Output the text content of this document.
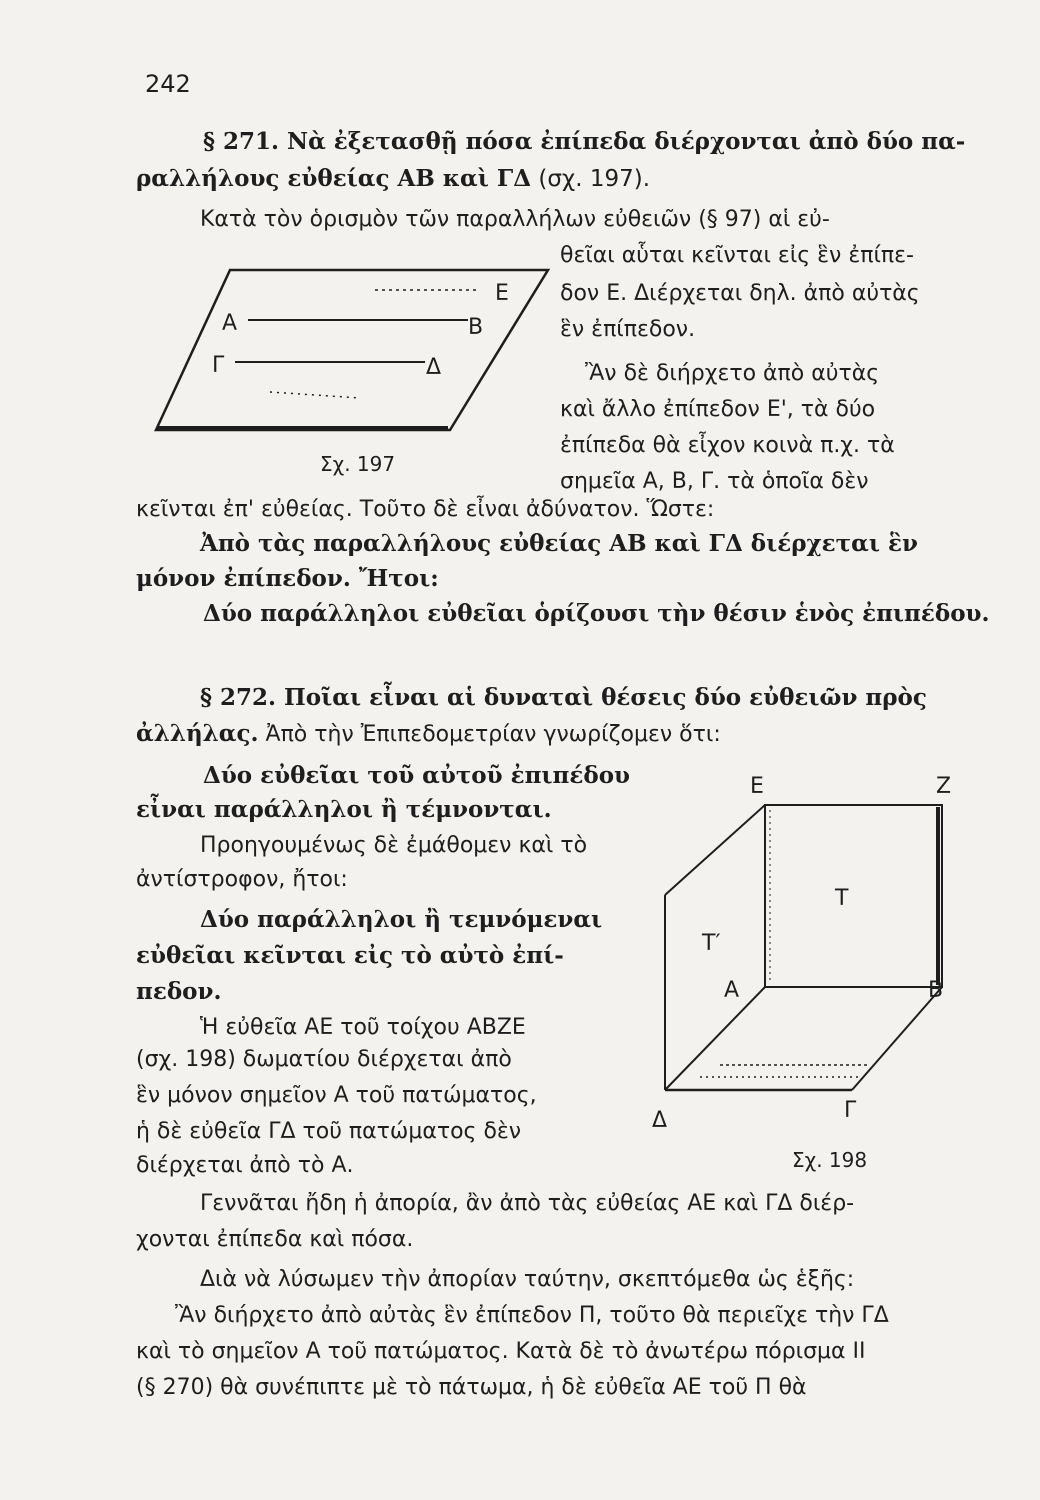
242
§ 271. Νὰ ἐξετασθῇ πόσα ἐπίπεδα διέρχονται ἀπὸ δύο πα-
ραλλήλους εὐθείας ΑΒ καὶ ΓΔ (σχ. 197).
Κατὰ τὸν ὁρισμὸν τῶν παραλλήλων εὐθειῶν (§ 97) αἱ εὐ-
θεῖαι αὗται κεῖνται εἰς ἓν ἐπίπε-
δον Ε. Διέρχεται δηλ. ἀπὸ αὐτὰς
ἓν ἐπίπεδον.
Ἂν δὲ διήρχετο ἀπὸ αὐτὰς
καὶ ἄλλο ἐπίπεδον Ε', τὰ δύο
ἐπίπεδα θὰ εἶχον κοινὰ π.χ. τὰ
σημεῖα Α, Β, Γ. τὰ ὁποῖα δὲν
κεῖνται ἐπ' εὐθείας. Τοῦτο δὲ εἶναι ἀδύνατον. Ὥστε:
Ἀπὸ τὰς παραλλήλους εὐθείας ΑΒ καὶ ΓΔ διέρχεται ἓν
μόνον ἐπίπεδον. Ἤτοι:
Δύο παράλληλοι εὐθεῖαι ὁρίζουσι τὴν θέσιν ἑνὸς ἐπιπέδου.
Ε
Α	Β
Γ	Δ
Σχ. 197
§ 272. Ποῖαι εἶναι αἱ δυναταὶ θέσεις δύο εὐθειῶν πρὸς
ἀλλήλας. Ἀπὸ τὴν Ἐπιπεδομετρίαν γνωρίζομεν ὅτι:
Δύο εὐθεῖαι τοῦ αὐτοῦ ἐπιπέδου
εἶναι παράλληλοι ἢ τέμνονται.
Προηγουμένως δὲ ἐμάθομεν καὶ τὸ
ἀντίστροφον, ἤτοι:
Δύο παράλληλοι ἢ τεμνόμεναι
εὐθεῖαι κεῖνται εἰς τὸ αὐτὸ ἐπί-
πεδον.
Ἡ εὐθεῖα ΑΕ τοῦ τοίχου ΑΒΖΕ
(σχ. 198) δωματίου διέρχεται ἀπὸ
ἓν μόνον σημεῖον Α τοῦ πατώματος,
ἡ δὲ εὐθεῖα ΓΔ τοῦ πατώματος δὲν
διέρχεται ἀπὸ τὸ Α.
Ε	Ζ
Τ
Τ′
Α	Β
Δ	Γ
Σχ. 198
Γεννᾶται ἤδη ἡ ἀπορία, ἂν ἀπὸ τὰς εὐθείας ΑΕ καὶ ΓΔ διέρ-
χονται ἐπίπεδα καὶ πόσα.
Διὰ νὰ λύσωμεν τὴν ἀπορίαν ταύτην, σκεπτόμεθα ὡς ἑξῆς:
Ἂν διήρχετο ἀπὸ αὐτὰς ἓν ἐπίπεδον Π, τοῦτο θὰ περιεῖχε τὴν ΓΔ
καὶ τὸ σημεῖον Α τοῦ πατώματος. Κατὰ δὲ τὸ ἀνωτέρω πόρισμα ΙΙ
(§ 270) θὰ συνέπιπτε μὲ τὸ πάτωμα, ἡ δὲ εὐθεῖα ΑΕ τοῦ Π θὰ
